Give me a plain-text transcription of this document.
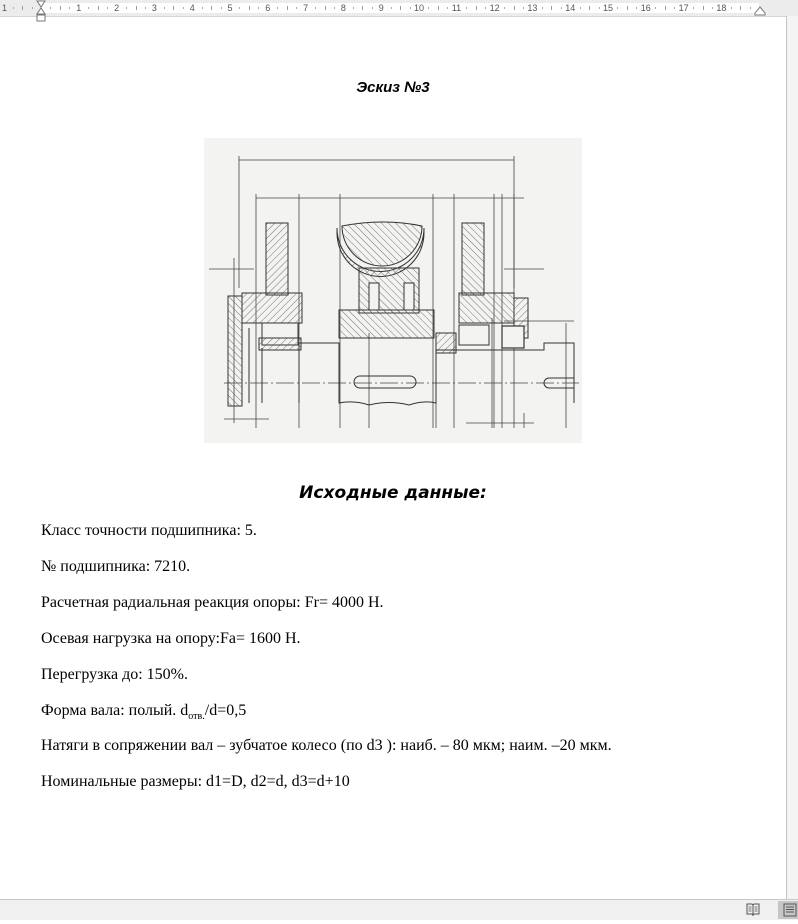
1	1	2	3	4	5	6	7	8	9	10	11	12	13	14	15	16	17	18
Эскиз №3
Исходные данные:
Класс точности подшипника: 5.
№ подшипника: 7210.
Расчетная радиальная реакция опоры: Fr= 4000 Н.
Осевая нагрузка на опору:Fa= 1600 Н.
Перегрузка до: 150%.
Форма вала: полый. $d_{отв.}/d=0,5$
Натяги в сопряжении вал – зубчатое колесо (по d3 ): наиб. – 80 мкм; наим. –20 мкм.
Номинальные размеры: d1=D, d2=d, d3=d+10
